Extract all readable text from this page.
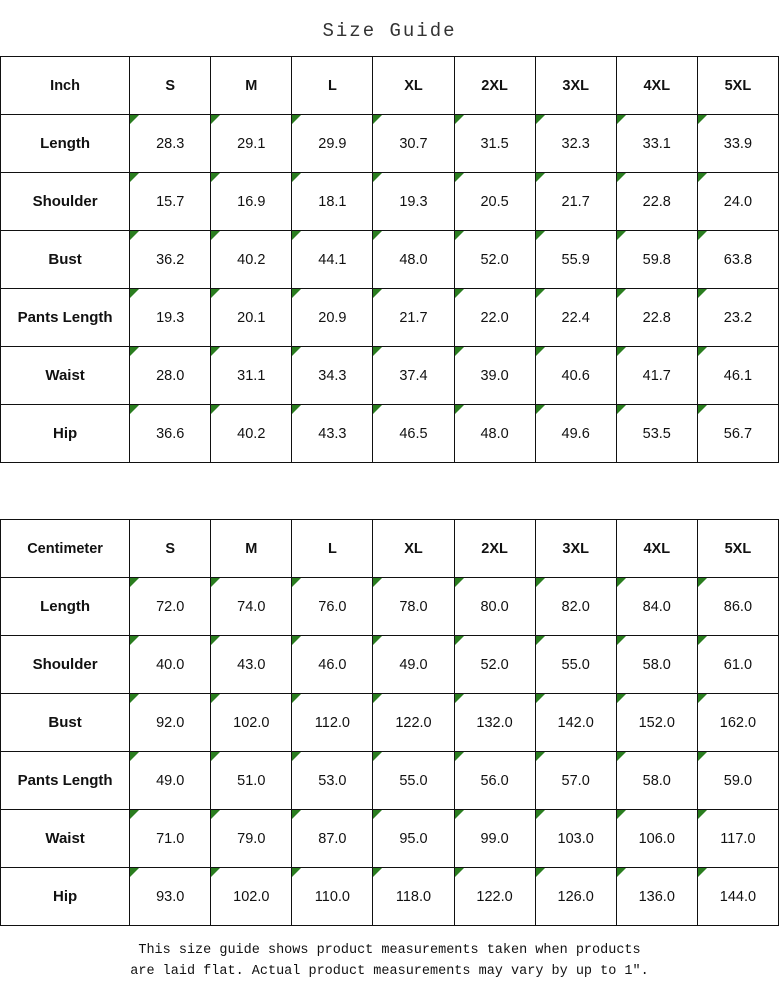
Size Guide
Inch	S	M	L	XL	2XL	3XL	4XL	5XL
Length	28.3	29.1	29.9	30.7	31.5	32.3	33.1	33.9
Shoulder	15.7	16.9	18.1	19.3	20.5	21.7	22.8	24.0
Bust	36.2	40.2	44.1	48.0	52.0	55.9	59.8	63.8
Pants Length	19.3	20.1	20.9	21.7	22.0	22.4	22.8	23.2
Waist	28.0	31.1	34.3	37.4	39.0	40.6	41.7	46.1
Hip	36.6	40.2	43.3	46.5	48.0	49.6	53.5	56.7
Centimeter	S	M	L	XL	2XL	3XL	4XL	5XL
Length	72.0	74.0	76.0	78.0	80.0	82.0	84.0	86.0
Shoulder	40.0	43.0	46.0	49.0	52.0	55.0	58.0	61.0
Bust	92.0	102.0	112.0	122.0	132.0	142.0	152.0	162.0
Pants Length	49.0	51.0	53.0	55.0	56.0	57.0	58.0	59.0
Waist	71.0	79.0	87.0	95.0	99.0	103.0	106.0	117.0
Hip	93.0	102.0	110.0	118.0	122.0	126.0	136.0	144.0
This size guide shows product measurements taken when products
are laid flat. Actual product measurements may vary by up to 1″.
